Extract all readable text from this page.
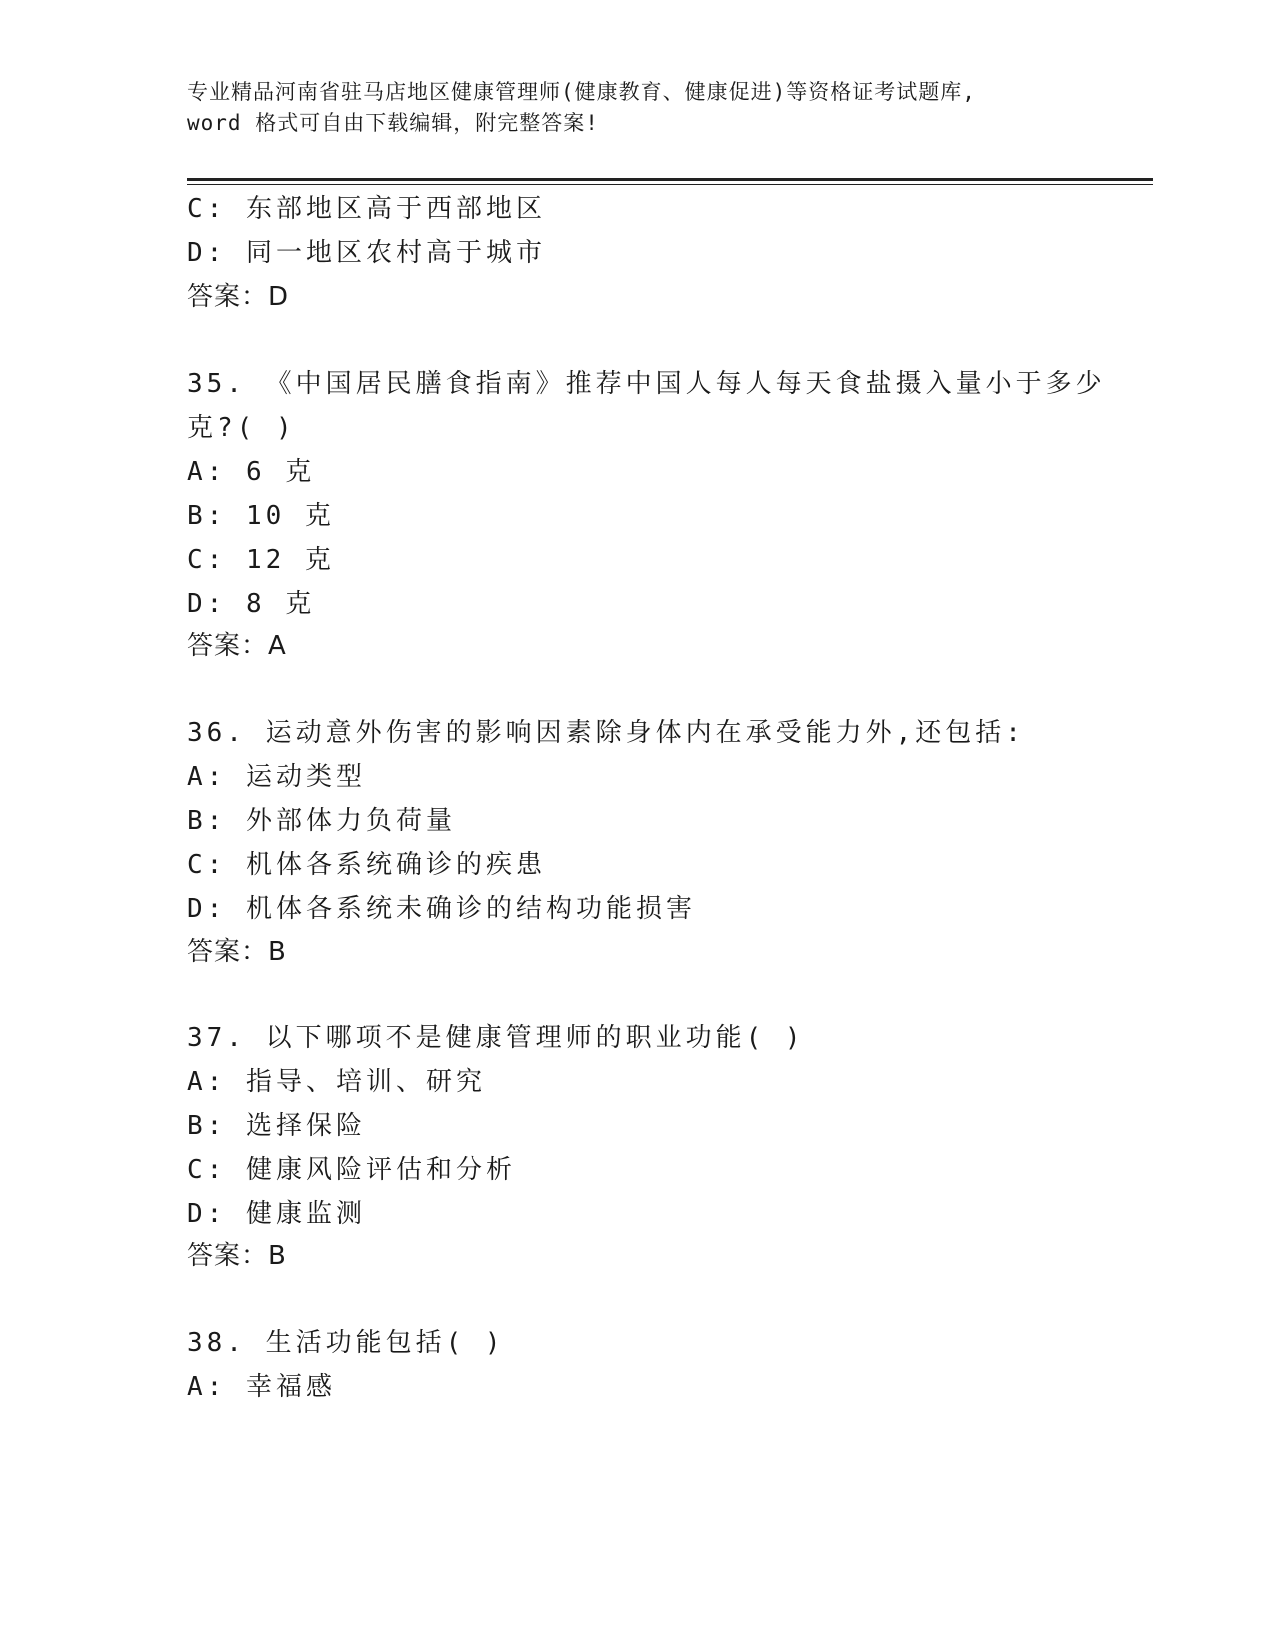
专业精品河南省驻马店地区健康管理师(健康教育、健康促进)等资格证考试题库,
word 格式可自由下载编辑，附完整答案!
C: 东部地区高于西部地区
D: 同一地区农村高于城市
答案：D
35. 《中国居民膳食指南》推荐中国人每人每天食盐摄入量小于多少
克?( )
A: 6 克
B: 10 克
C: 12 克
D: 8 克
答案：A
36. 运动意外伤害的影响因素除身体内在承受能力外,还包括:
A: 运动类型
B: 外部体力负荷量
C: 机体各系统确诊的疾患
D: 机体各系统未确诊的结构功能损害
答案：B
37. 以下哪项不是健康管理师的职业功能( )
A: 指导、培训、研究
B: 选择保险
C: 健康风险评估和分析
D: 健康监测
答案：B
38. 生活功能包括( )
A: 幸福感
